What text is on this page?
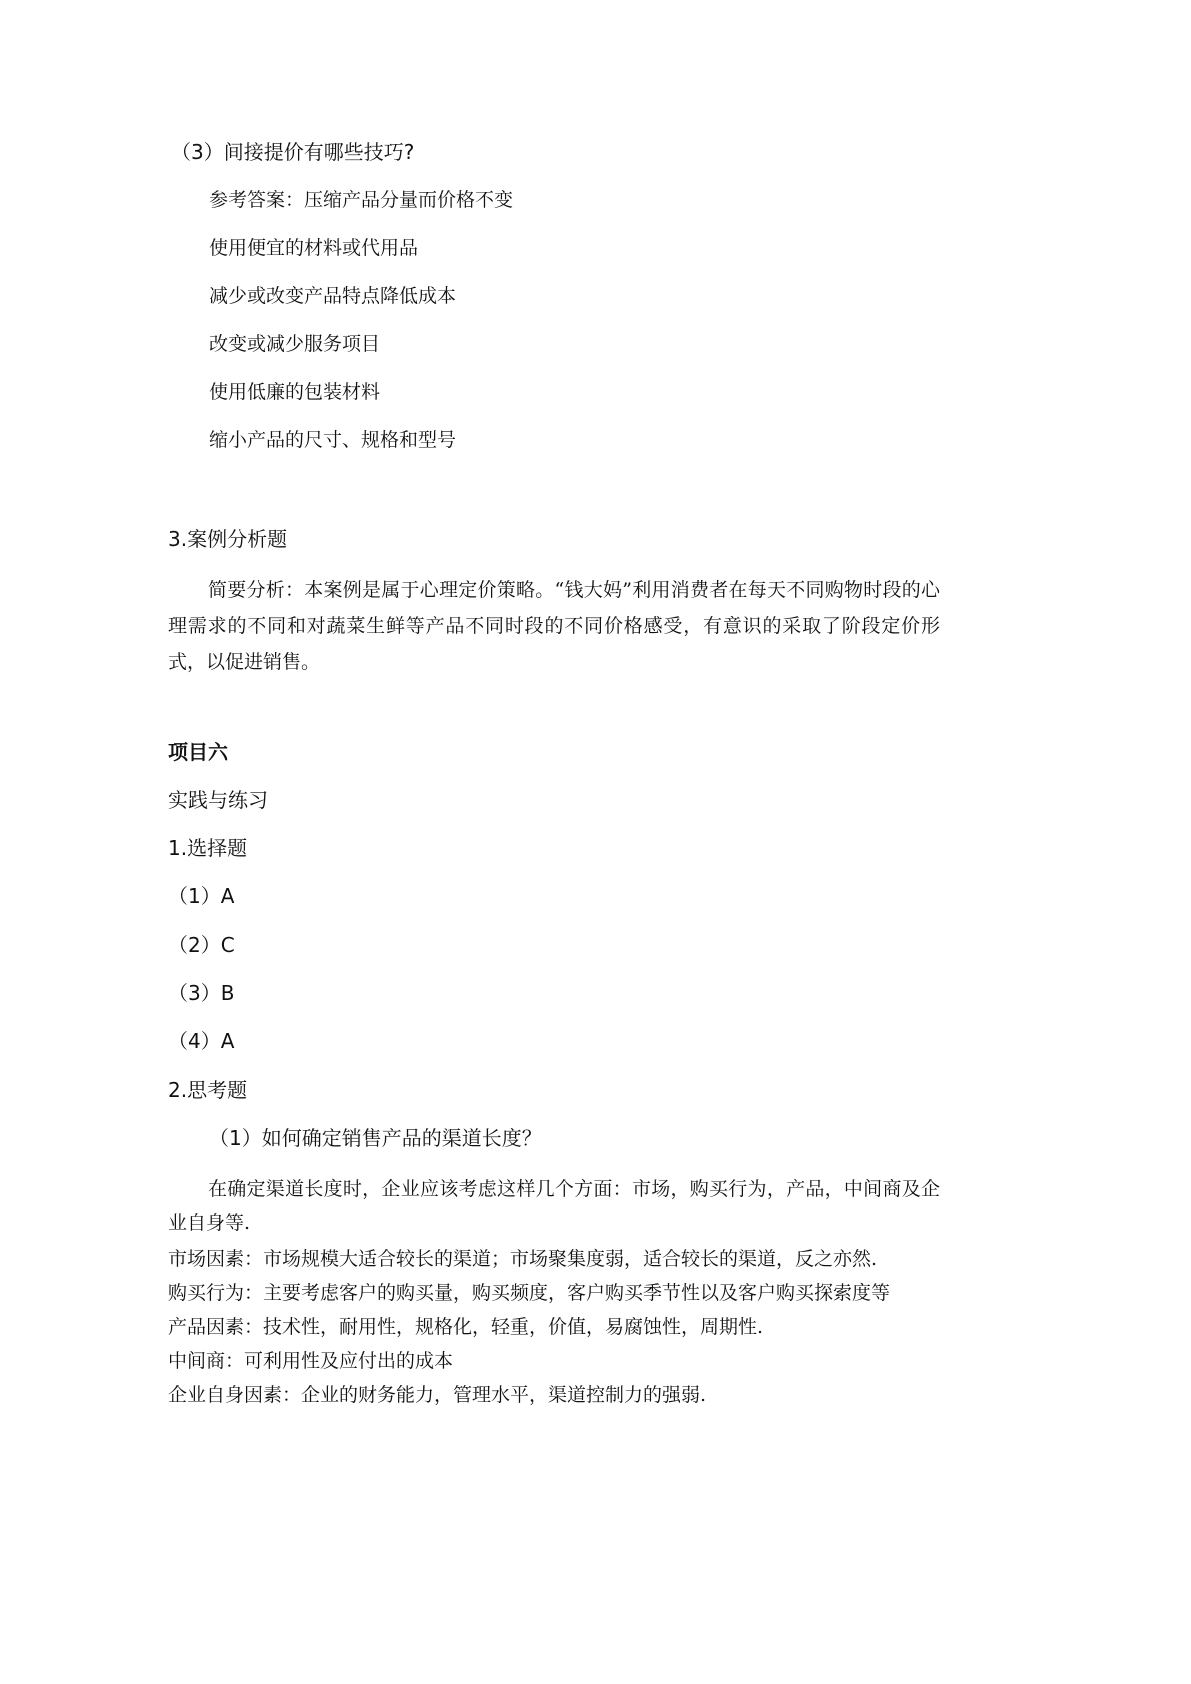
（3）间接提价有哪些技巧?
参考答案：压缩产品分量而价格不变
使用便宜的材料或代用品
减少或改变产品特点降低成本
改变或减少服务项目
使用低廉的包装材料
缩小产品的尺寸、规格和型号
3.案例分析题
简要分析：本案例是属于心理定价策略。“钱大妈”利用消费者在每天不同购物时段的心理需求的不同和对蔬菜生鲜等产品不同时段的不同价格感受，有意识的采取了阶段定价形式，以促进销售。
项目六
实践与练习
1.选择题
（1）A
（2）C
（3）B
（4）A
2.思考题
（1）如何确定销售产品的渠道长度？
在确定渠道长度时，企业应该考虑这样几个方面：市场，购买行为，产品，中间商及企业自身等.
市场因素：市场规模大适合较长的渠道；市场聚集度弱，适合较长的渠道，反之亦然.
购买行为：主要考虑客户的购买量，购买频度，客户购买季节性以及客户购买探索度等
产品因素：技术性，耐用性，规格化，轻重，价值，易腐蚀性，周期性.
中间商：可利用性及应付出的成本
企业自身因素：企业的财务能力，管理水平，渠道控制力的强弱.
